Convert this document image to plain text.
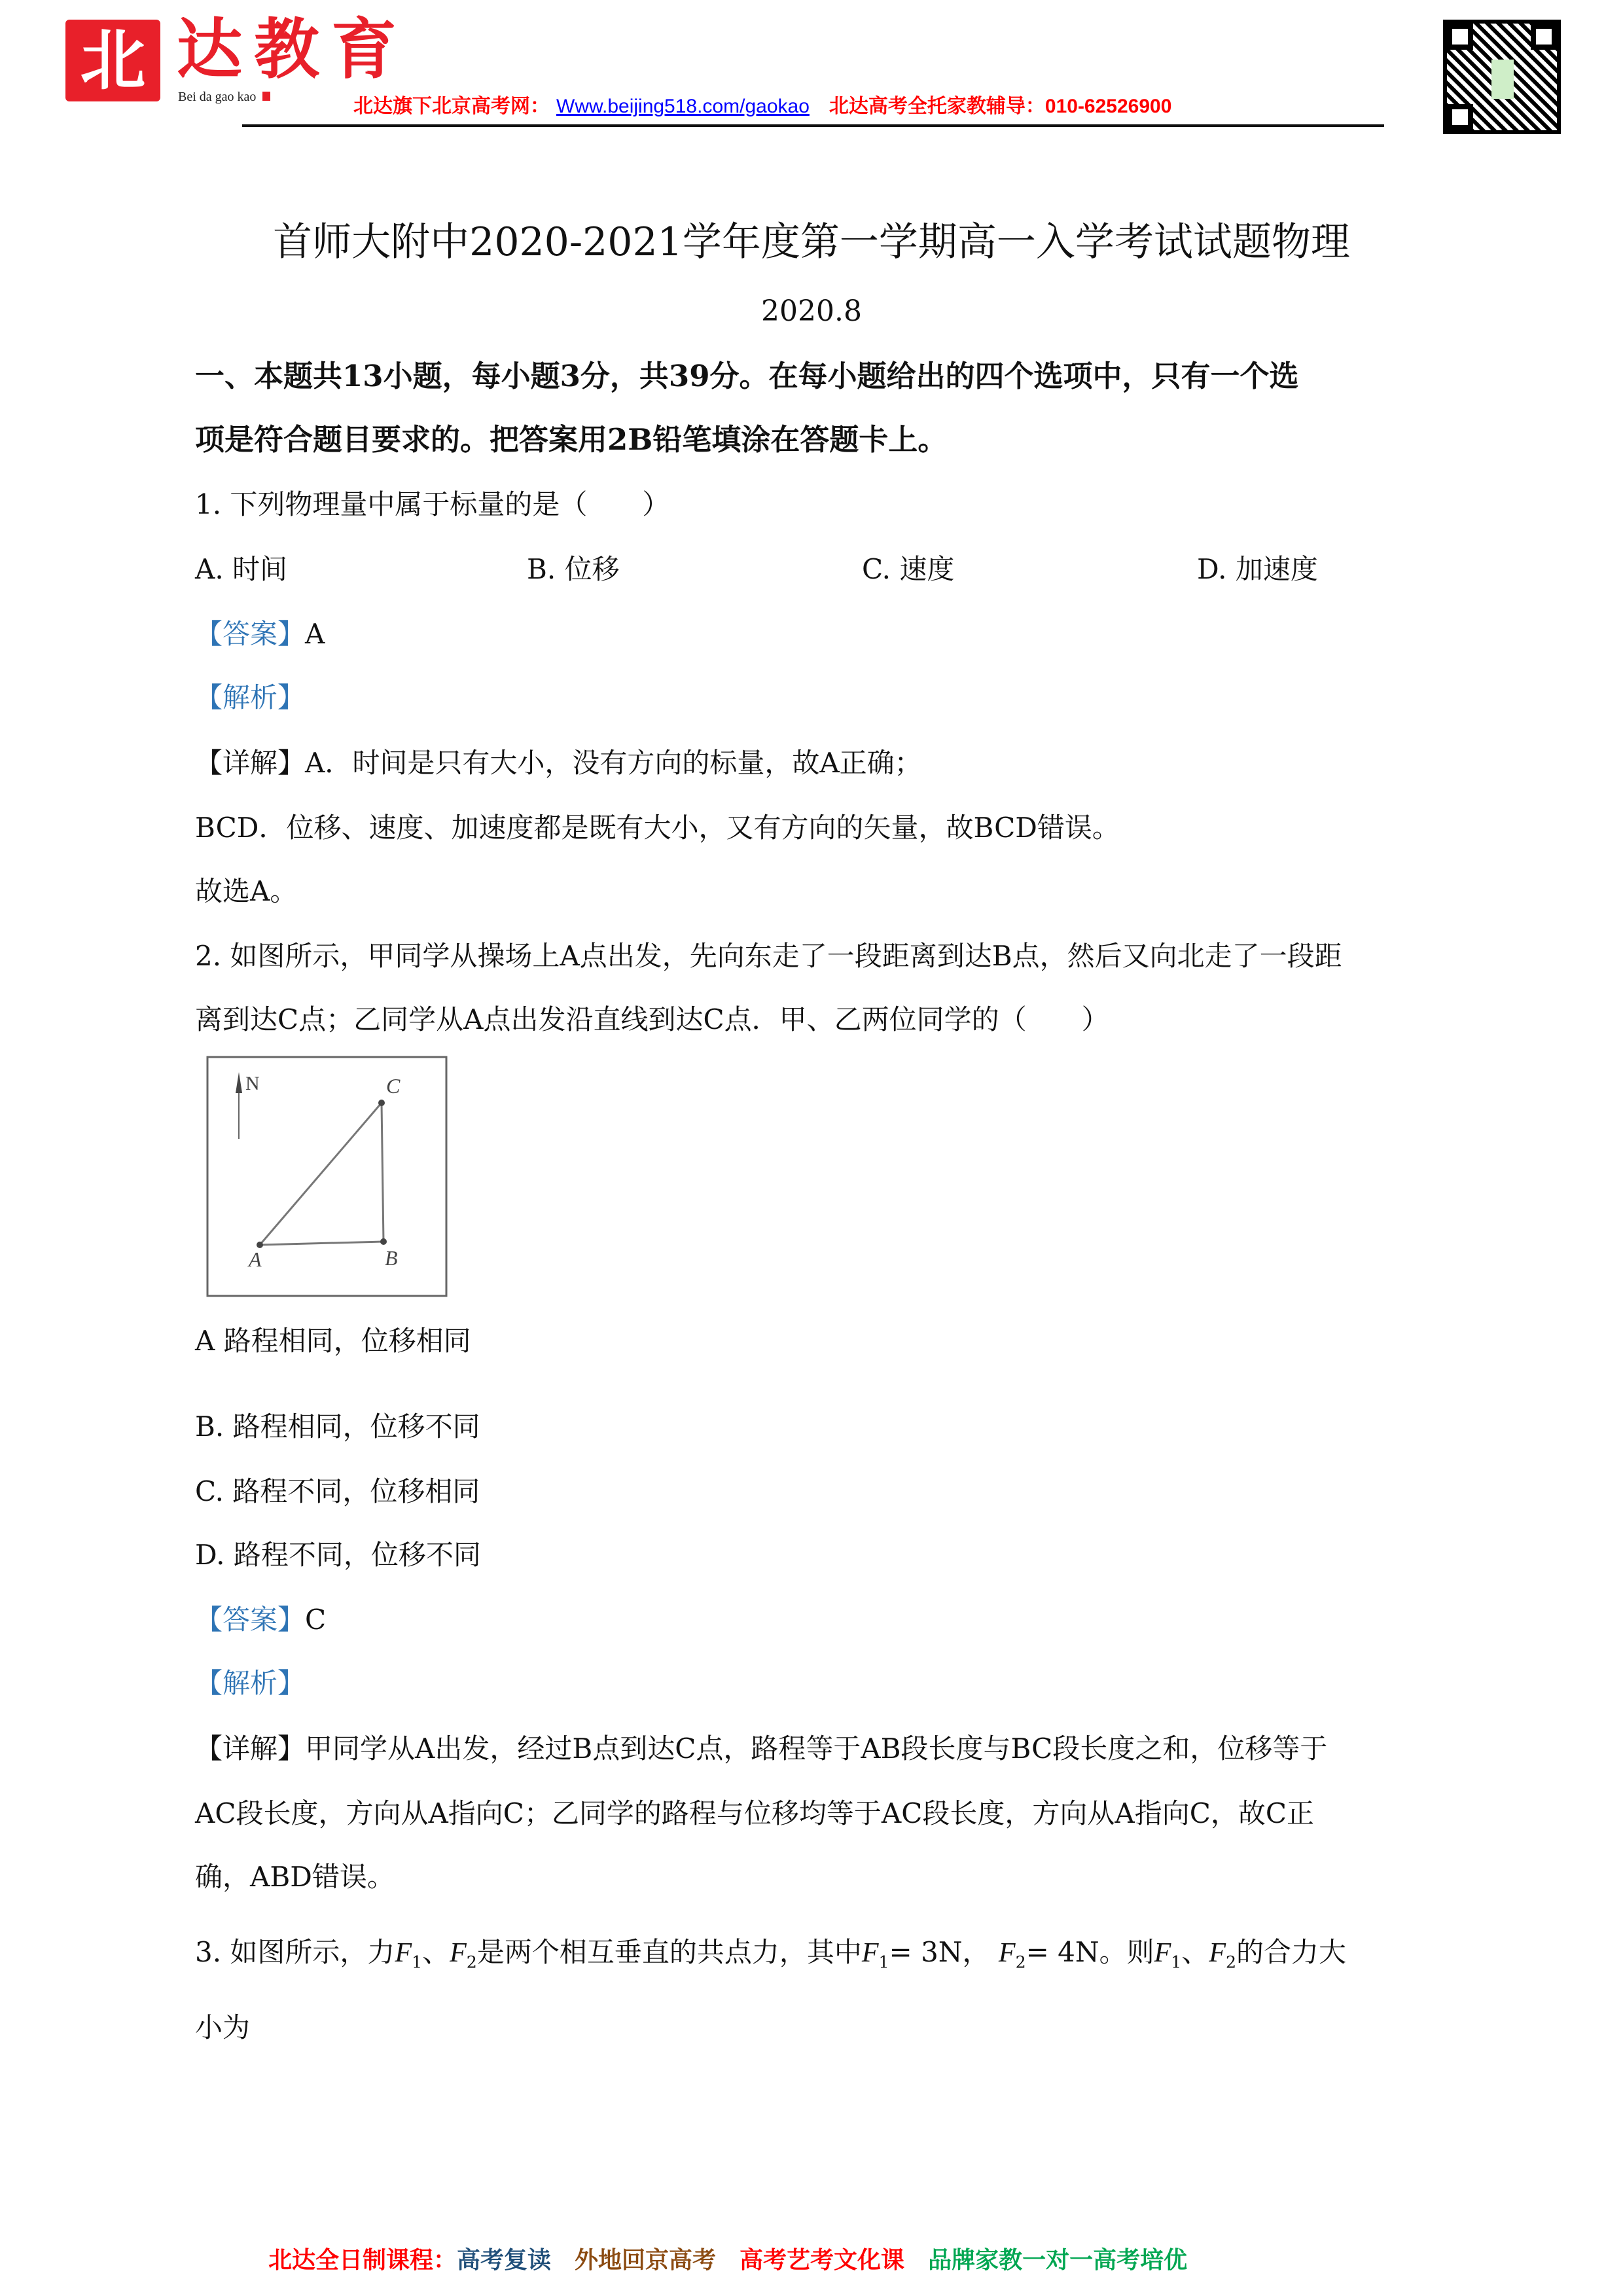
北 达教育
Bei da gao kao	北达旗下北京高考网： Www.beijing518.com/gaokao 北达高考全托家教辅导：010-62526900
首师大附中2020-2021学年度第一学期高一入学考试试题物理
2020.8
一、本题共13小题，每小题3分，共39分。在每小题给出的四个选项中，只有一个选
项是符合题目要求的。把答案用2B铅笔填涂在答题卡上。
1. 下列物理量中属于标量的是（　　）
A. 时间	B. 位移	C. 速度	D. 加速度
【答案】A
【解析】
【详解】A．时间是只有大小，没有方向的标量，故A正确；
BCD．位移、速度、加速度都是既有大小，又有方向的矢量，故BCD错误。
故选A。
2. 如图所示，甲同学从操场上A点出发，先向东走了一段距离到达B点，然后又向北走了一段距
离到达C点；乙同学从A点出发沿直线到达C点．甲、乙两位同学的（　　）
N
A	B
C
A 路程相同，位移相同
B. 路程相同，位移不同
C. 路程不同，位移相同
D. 路程不同，位移不同
【答案】C
【解析】
【详解】甲同学从A出发，经过B点到达C点，路程等于AB段长度与BC段长度之和，位移等于
AC段长度，方向从A指向C；乙同学的路程与位移均等于AC段长度，方向从A指向C，故C正
确，ABD错误。
3. 如图所示，力$F_1$、$F_2$是两个相互垂直的共点力，其中$F_1= 3N$， $F_2= 4N$。则$F_1$、$F_2$的合力大
小为
北达全日制课程：高考复读 外地回京高考 高考艺考文化课 品牌家教一对一高考培优
